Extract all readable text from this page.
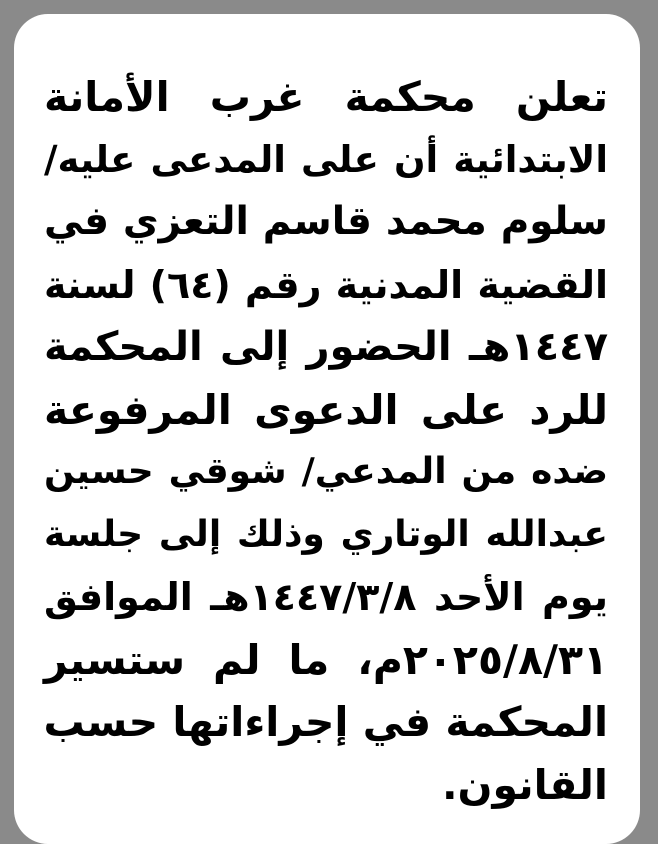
تعلن محكمة غرب الأمانة
الابتدائية أن على المدعى عليه/
سلوم محمد قاسم التعزي في
القضية المدنية رقم (٦٤) لسنة
١٤٤٧هـ الحضور إلى المحكمة
للرد على الدعوى المرفوعة
ضده من المدعي/ شوقي حسين
عبدالله الوتاري وذلك إلى جلسة
يوم الأحد ١٤٤٧/٣/٨هـ الموافق
٢٠٢٥/٨/٣١م، ما لم ستسير
المحكمة في إجراءاتها حسب
القانون.
